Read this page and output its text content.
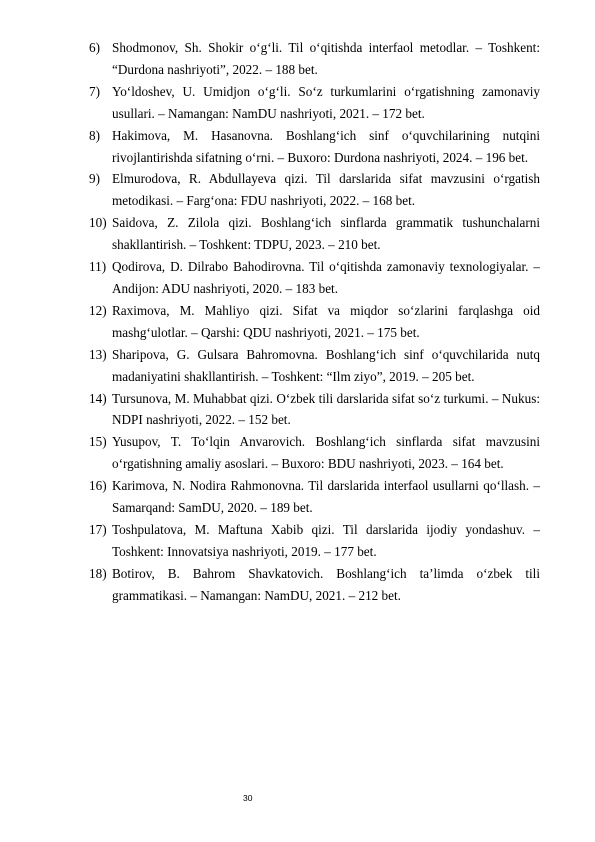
6) Shodmonov, Sh. Shokir o‘g‘li. Til o‘qitishda interfaol metodlar. – Toshkent: “Durdona nashriyoti”, 2022. – 188 bet.
7) Yo‘ldoshev, U. Umidjon o‘g‘li. So‘z turkumlarini o‘rgatishning zamonaviy usullari. – Namangan: NamDU nashriyoti, 2021. – 172 bet.
8) Hakimova, M. Hasanovna. Boshlang‘ich sinf o‘quvchilarining nutqini rivojlantirishda sifatning o‘rni. – Buxoro: Durdona nashriyoti, 2024. – 196 bet.
9) Elmurodova, R. Abdullayeva qizi. Til darslarida sifat mavzusini o‘rgatish metodikasi. – Farg‘ona: FDU nashriyoti, 2022. – 168 bet.
10) Saidova, Z. Zilola qizi. Boshlang‘ich sinflarda grammatik tushunchalarni shakllantirish. – Toshkent: TDPU, 2023. – 210 bet.
11) Qodirova, D. Dilrabo Bahodirovna. Til o‘qitishda zamonaviy texnologiyalar. – Andijon: ADU nashriyoti, 2020. – 183 bet.
12) Raximova, M. Mahliyo qizi. Sifat va miqdor so‘zlarini farqlashga oid mashg‘ulotlar. – Qarshi: QDU nashriyoti, 2021. – 175 bet.
13) Sharipova, G. Gulsara Bahromovna. Boshlang‘ich sinf o‘quvchilarida nutq madaniyatini shakllantirish. – Toshkent: “Ilm ziyo”, 2019. – 205 bet.
14) Tursunova, M. Muhabbat qizi. O‘zbek tili darslarida sifat so‘z turkumi. – Nukus: NDPI nashriyoti, 2022. – 152 bet.
15) Yusupov, T. To‘lqin Anvarovich. Boshlang‘ich sinflarda sifat mavzusini o‘rgatishning amaliy asoslari. – Buxoro: BDU nashriyoti, 2023. – 164 bet.
16) Karimova, N. Nodira Rahmonovna. Til darslarida interfaol usullarni qo‘llash. – Samarqand: SamDU, 2020. – 189 bet.
17) Toshpulatova, M. Maftuna Xabib qizi. Til darslarida ijodiy yondashuv. – Toshkent: Innovatsiya nashriyoti, 2019. – 177 bet.
18) Botirov, B. Bahrom Shavkatovich. Boshlang‘ich ta’limda o‘zbek tili grammatikasi. – Namangan: NamDU, 2021. – 212 bet.
30
